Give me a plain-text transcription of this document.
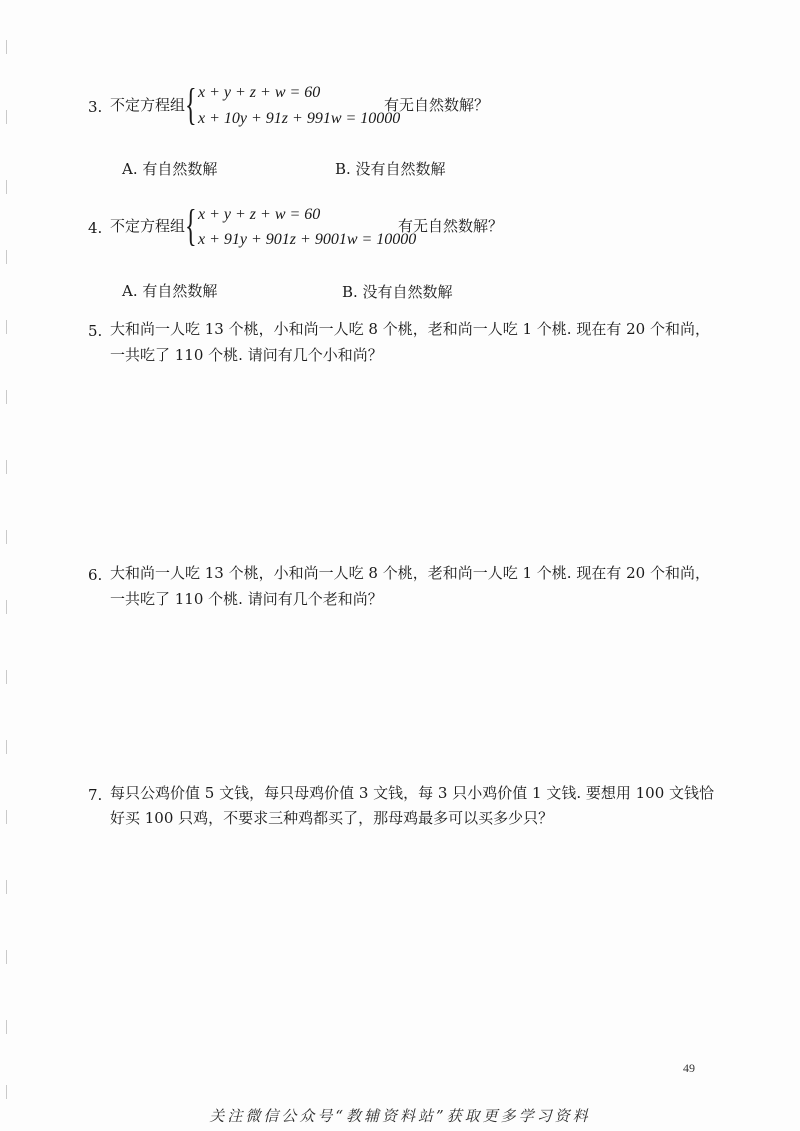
3. 不定方程组 { x + y + z + w = 60
x + 10y + 91z + 991w = 10000
有无自然数解？
A. 有自然数解	B. 没有自然数解
4. 不定方程组 { x + y + z + w = 60
x + 91y + 901z + 9001w = 10000
有无自然数解？
A. 有自然数解	B. 没有自然数解
5. 大和尚一人吃 13 个桃，小和尚一人吃 8 个桃，老和尚一人吃 1 个桃. 现在有 20 个和尚，
一共吃了 110 个桃. 请问有几个小和尚？
6. 大和尚一人吃 13 个桃，小和尚一人吃 8 个桃，老和尚一人吃 1 个桃. 现在有 20 个和尚，
一共吃了 110 个桃. 请问有几个老和尚？
7. 每只公鸡价值 5 文钱，每只母鸡价值 3 文钱，每 3 只小鸡价值 1 文钱. 要想用 100 文钱恰
好买 100 只鸡，不要求三种鸡都买了，那母鸡最多可以买多少只？
49
关注微信公众号“教辅资料站”获取更多学习资料
